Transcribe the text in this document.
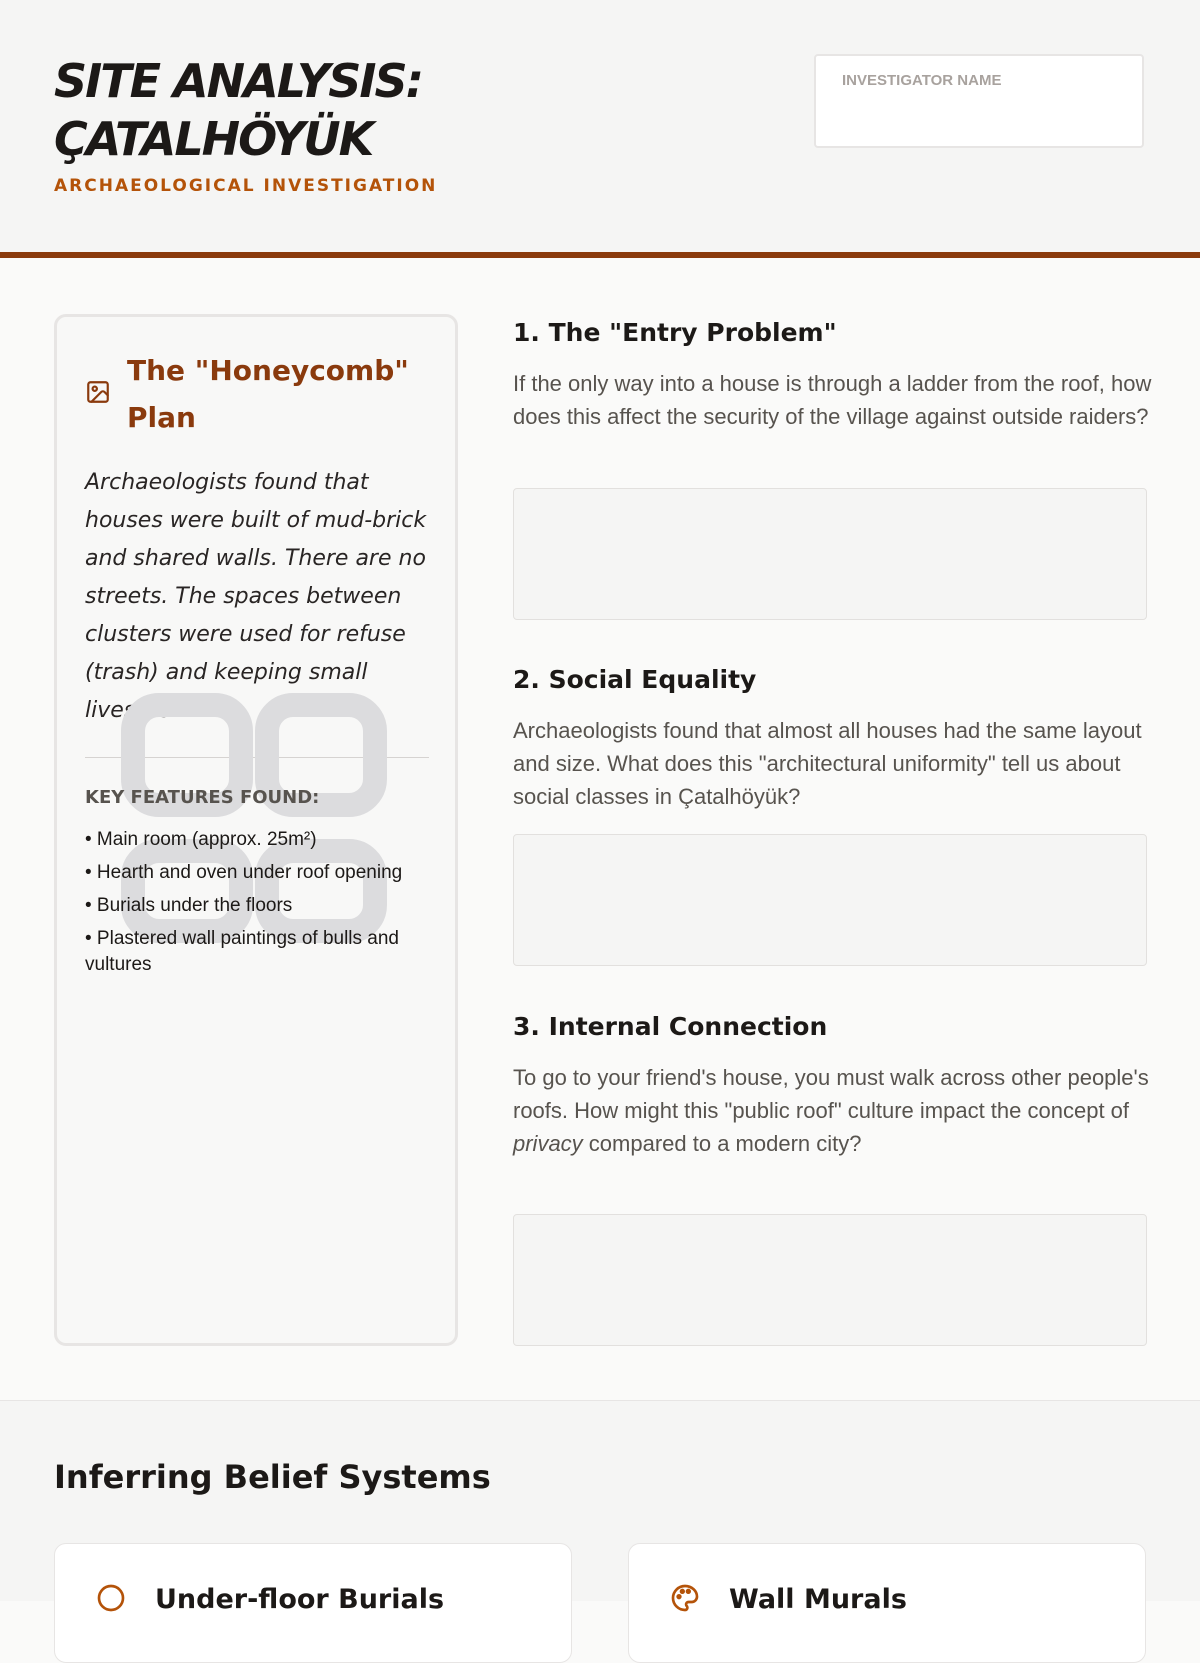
SITE ANALYSIS:
ÇATALHÖYÜK
ARCHAEOLOGICAL INVESTIGATION
INVESTIGATOR NAME
The "Honeycomb" Plan

Archaeologists found that houses were built of mud-brick and shared walls. There are no streets. The spaces between clusters were used for refuse (trash) and keeping small livestock.

KEY FEATURES FOUND:
• Main room (approx. 25m²)
• Hearth and oven under roof opening
• Burials under the floors
• Plastered wall paintings of bulls and vultures
1. The "Entry Problem"

If the only way into a house is through a ladder from the roof, how does this affect the security of the village against outside raiders?

2. Social Equality

Archaeologists found that almost all houses had the same layout and size. What does this "architectural uniformity" tell us about social classes in Çatalhöyük?

3. Internal Connection

To go to your friend's house, you must walk across other people's roofs. How might this "public roof" culture impact the concept of privacy compared to a modern city?

Inferring Belief Systems
Under-floor Burials	Wall Murals
